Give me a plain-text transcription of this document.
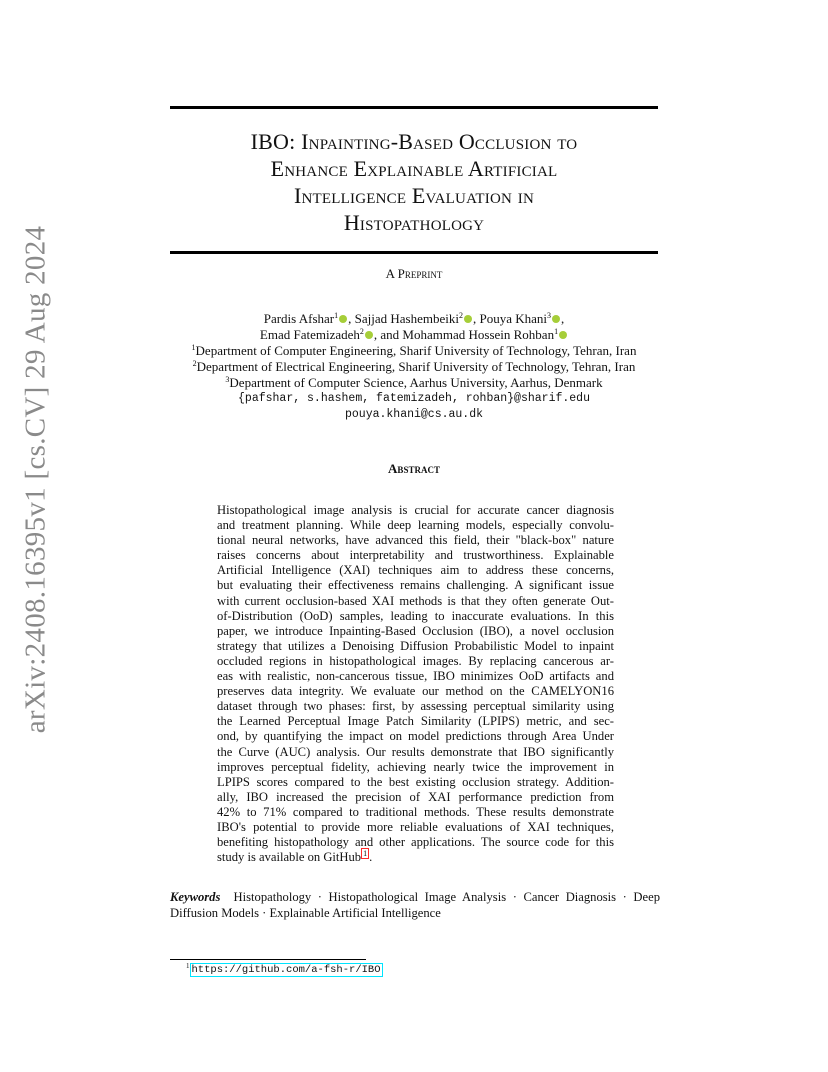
arXiv:2408.16395v1 [cs.CV] 29 Aug 2024
IBO: Inpainting-Based Occlusion to
Enhance Explainable Artificial
Intelligence Evaluation in
Histopathology
A Preprint
Pardis Afshar$^1$ , Sajjad Hashembeiki$^2$ , Pouya Khani$^3$ ,
Emad Fatemizadeh$^2$ , and Mohammad Hossein Rohban$^1$
$^1$Department of Computer Engineering, Sharif University of Technology, Tehran, Iran
$^2$Department of Electrical Engineering, Sharif University of Technology, Tehran, Iran
$^3$Department of Computer Science, Aarhus University, Aarhus, Denmark
{pafshar, s.hashem, fatemizadeh, rohban}@sharif.edu
pouya.khani@cs.au.dk
Abstract
Histopathological image analysis is crucial for accurate cancer diagnosis
and treatment planning. While deep learning models, especially convolu-
tional neural networks, have advanced this field, their "black-box" nature
raises concerns about interpretability and trustworthiness. Explainable
Artificial Intelligence (XAI) techniques aim to address these concerns,
but evaluating their effectiveness remains challenging. A significant issue
with current occlusion-based XAI methods is that they often generate Out-
of-Distribution (OoD) samples, leading to inaccurate evaluations. In this
paper, we introduce Inpainting-Based Occlusion (IBO), a novel occlusion
strategy that utilizes a Denoising Diffusion Probabilistic Model to inpaint
occluded regions in histopathological images. By replacing cancerous ar-
eas with realistic, non-cancerous tissue, IBO minimizes OoD artifacts and
preserves data integrity. We evaluate our method on the CAMELYON16
dataset through two phases: first, by assessing perceptual similarity using
the Learned Perceptual Image Patch Similarity (LPIPS) metric, and sec-
ond, by quantifying the impact on model predictions through Area Under
the Curve (AUC) analysis. Our results demonstrate that IBO significantly
improves perceptual fidelity, achieving nearly twice the improvement in
LPIPS scores compared to the best existing occlusion strategy. Addition-
ally, IBO increased the precision of XAI performance prediction from
42% to 71% compared to traditional methods. These results demonstrate
IBO's potential to provide more reliable evaluations of XAI techniques,
benefiting histopathology and other applications. The source code for this
study is available on GitHub $^1$ .
Keywords Histopathology · Histopathological Image Analysis · Cancer Diagnosis · Deep
Diffusion Models · Explainable Artificial Intelligence
$^1$ https://github.com/a-fsh-r/IBO
